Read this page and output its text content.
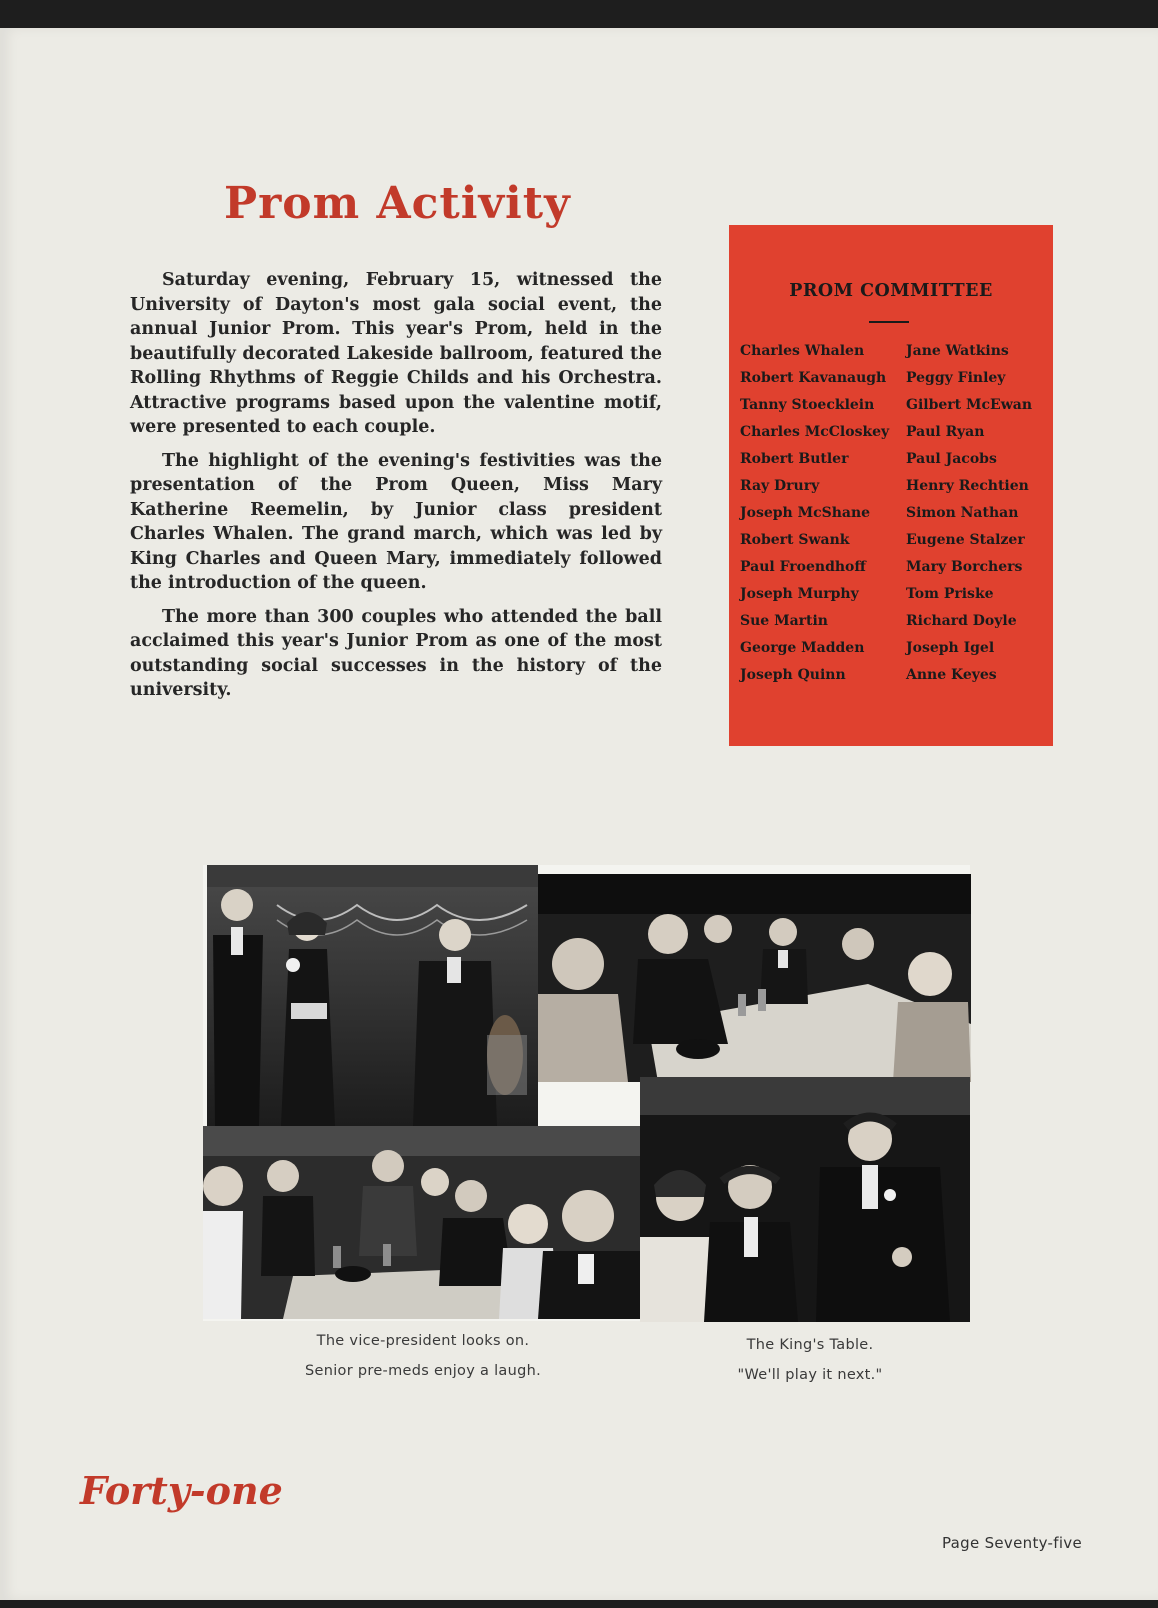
Prom Activity

Saturday evening, February 15, witnessed the University of Dayton's most gala social event, the annual Junior Prom. This year's Prom, held in the beautifully decorated Lakeside ballroom, featured the Rolling Rhythms of Reggie Childs and his Orchestra. Attractive programs based upon the valentine motif, were presented to each couple.

The highlight of the evening's festivities was the presentation of the Prom Queen, Miss Mary Katherine Reemelin, by Junior class president Charles Whalen. The grand march, which was led by King Charles and Queen Mary, immediately followed the introduction of the queen.

The more than 300 couples who attended the ball acclaimed this year's Junior Prom as one of the most outstanding social successes in the history of the university.

PROM COMMITTEE
Charles Whalen	Jane Watkins
Robert Kavanaugh	Peggy Finley
Tanny Stoecklein	Gilbert McEwan
Charles McCloskey	Paul Ryan
Robert Butler	Paul Jacobs
Ray Drury	Henry Rechtien
Joseph McShane	Simon Nathan
Robert Swank	Eugene Stalzer
Paul Froendhoff	Mary Borchers
Joseph Murphy	Tom Priske
Sue Martin	Richard Doyle
George Madden	Joseph Igel
Joseph Quinn	Anne Keyes
The vice-president looks on.
Senior pre-meds enjoy a laugh.
The King's Table.
"We'll play it next."
Forty-one
Page Seventy-five
